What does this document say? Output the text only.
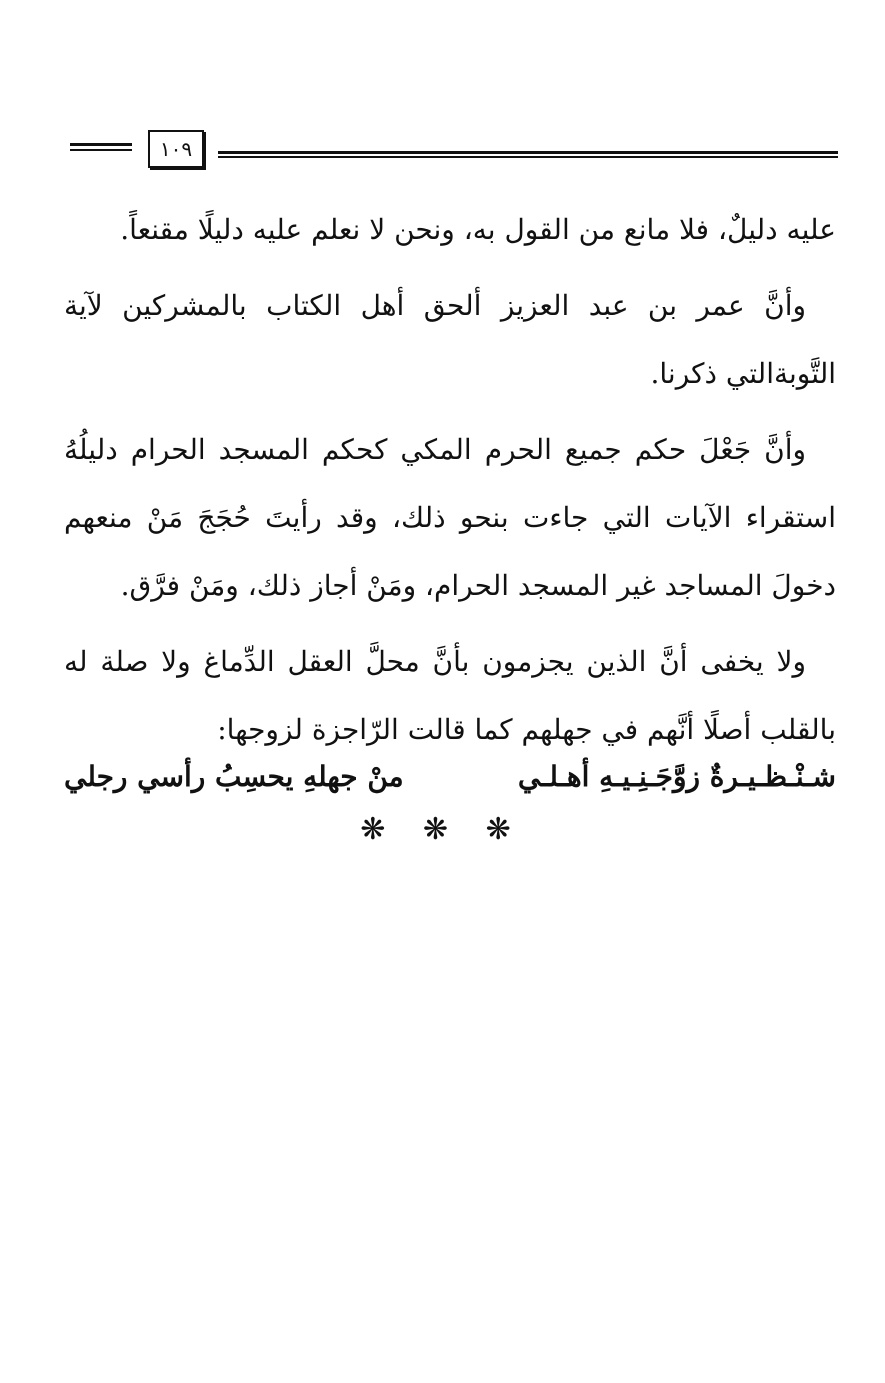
١٠٩

عليه دليلٌ، فلا مانع من القول به، ونحن لا نعلم عليه دليلًا مقنعاً.

وأنَّ عمر بن عبد العزيز ألحق أهل الكتاب بالمشركين لآية التَّوبةالتي ذكرنا.

وأنَّ جَعْلَ حكم جميع الحرم المكي كحكم المسجد الحرام دليلُهُ استقراء الآيات التي جاءت بنحو ذلك، وقد رأيتَ حُجَجَ مَنْ منعهم دخولَ المساجد غير المسجد الحرام، ومَنْ أجاز ذلك، ومَنْ فرَّق.

ولا يخفى أنَّ الذين يجزمون بأنَّ محلَّ العقل الدِّماغ ولا صلة له بالقلب أصلًا أنَّهم في جهلهم كما قالت الرّاجزة لزوجها:

شـنْـظـيـرةٌ زوَّجَـنِـيـهِ أهـلـي
منْ جهلهِ يحسِبُ رأسي رجلي
❋ ❋ ❋
